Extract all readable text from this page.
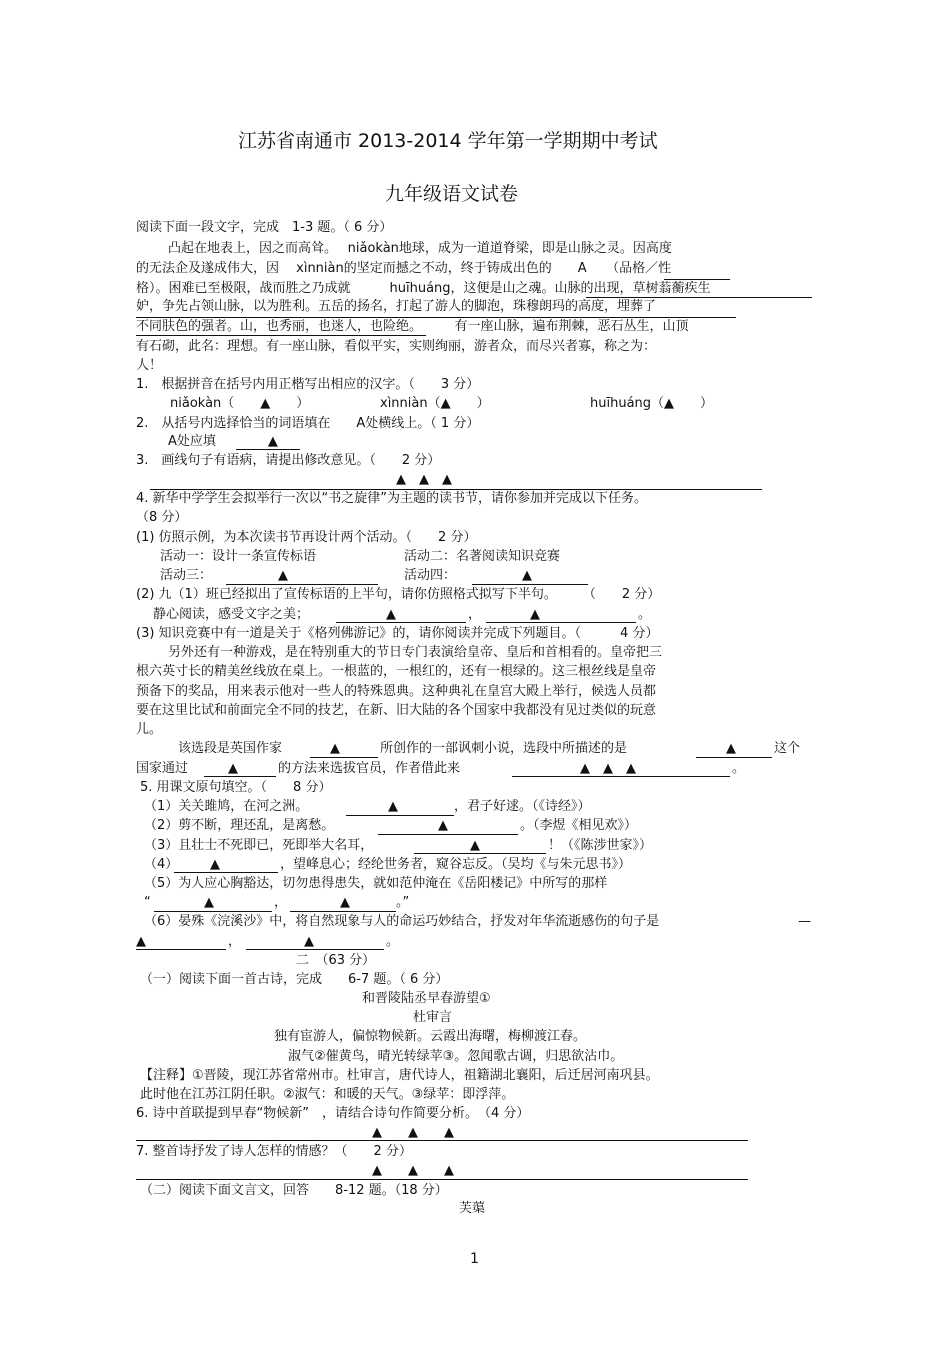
江苏省南通市 2013-2014 学年第一学期期中考试
九年级语文试卷
阅读下面一段文字，完成　1-3 题。（ 6 分）
凸起在地表上，因之而高耸。　 niǎokàn地球，成为一道道脊梁，即是山脉之灵。因高度
的无法企及遂成伟大，因　 xìnniàn的坚定而撼之不动，终于铸成出色的　　A　　（品格／性
格）。困难已至极限，战而胜之乃成就　　　huīhuáng，这便是山之魂。山脉的出现，草树蓊蘅疾生
妒，争先占领山脉，以为胜利。五岳的扬名，打起了游人的脚泡，珠穆朗玛的高度，埋葬了
不同肤色的强者。山，也秀丽，也迷人，也险绝。　　　有一座山脉，遍布荆棘，恶石丛生，山顶
有石砌，此名：理想。有一座山脉，看似平实，实则绚丽，游者众，而尽兴者寡，称之为：
人！
1.　根据拼音在括号内用正楷写出相应的汉字。（　　3 分）
niǎokàn（　　▲　　）	xìnniàn（▲　　）	huīhuáng（▲　　）
2.　从括号内选择恰当的词语填在　　A处横线上。（ 1 分）
A处应填　　　　▲
3.　画线句子有语病，请提出修改意见。（　　2 分）
▲　▲　▲
4. 新华中学学生会拟举行一次以“书之旋律”为主题的读书节，请你参加并完成以下任务。
（8 分）
(1) 仿照示例，为本次读书节再设计两个活动。（　　2 分）
活动一：设计一条宣传标语	活动二：名著阅读知识竞赛
活动三：	▲	活动四：	▲
(2) 九（1）班已经拟出了宣传标语的上半句，请你仿照格式拟写下半句。　　　（　　2 分）
静心阅读，感受文字之美；	▲	，	▲	。
(3) 知识竞赛中有一道是关于《格列佛游记》的，请你阅读并完成下列题目。（　　　4 分）
另外还有一种游戏，是在特别重大的节日专门表演给皇帝、皇后和首相看的。皇帝把三
根六英寸长的精美丝线放在桌上。一根蓝的，一根红的，还有一根绿的。这三根丝线是皇帝
预备下的奖品，用来表示他对一些人的特殊恩典。这种典礼在皇宫大殿上举行，候选人员都
要在这里比试和前面完全不同的技艺，在新、旧大陆的各个国家中我都没有见过类似的玩意
儿。
该选段是英国作家	▲	所创作的一部讽刺小说，选段中所描述的是	▲	这个
国家通过	▲	的方法来选拔官员，作者借此来	▲　▲　▲	。
5. 用课文原句填空。（　　8 分）
（1）关关雎鸠，在河之洲。	▲	，君子好逑。（《诗经》）
（2）剪不断，理还乱，是离愁。	▲	。（李煜《相见欢》）
（3）且壮士不死即已，死即举大名耳，	▲	！（《陈涉世家》）
（4） ▲	，望峰息心；经纶世务者，窥谷忘反。（吴均《与朱元思书》）
（5）为人应心胸豁达，切勿患得患失，就如范仲淹在《岳阳楼记》中所写的那样
“	▲	，	▲	。”
（6）晏殊《浣溪沙》中，将自然现象与人的命运巧妙结合，抒发对年华流逝感伤的句子是	—
▲	，	▲	。
二　（63 分）
（一）阅读下面一首古诗，完成　　6-7 题。（ 6 分）
和晋陵陆丞早春游望①
杜审言
独有宦游人，偏惊物候新。云霞出海曙，梅柳渡江春。
淑气②催黄鸟，晴光转绿苹③。忽闻歌古调，归思欲沾巾。
【注释】①晋陵，现江苏省常州市。杜审言，唐代诗人，祖籍湖北襄阳，后迁居河南巩县。
此时他在江苏江阴任职。②淑气：和暖的天气。③绿苹：即浮萍。
6. 诗中首联提到早春“物候新”　，请结合诗句作简要分析。　（4 分）
▲　　▲　　▲
7. 整首诗抒发了诗人怎样的情感？（　　2 分）
▲　　▲　　▲
（二）阅读下面文言文，回答　　8-12 题。（18 分）
芙蕖
1
